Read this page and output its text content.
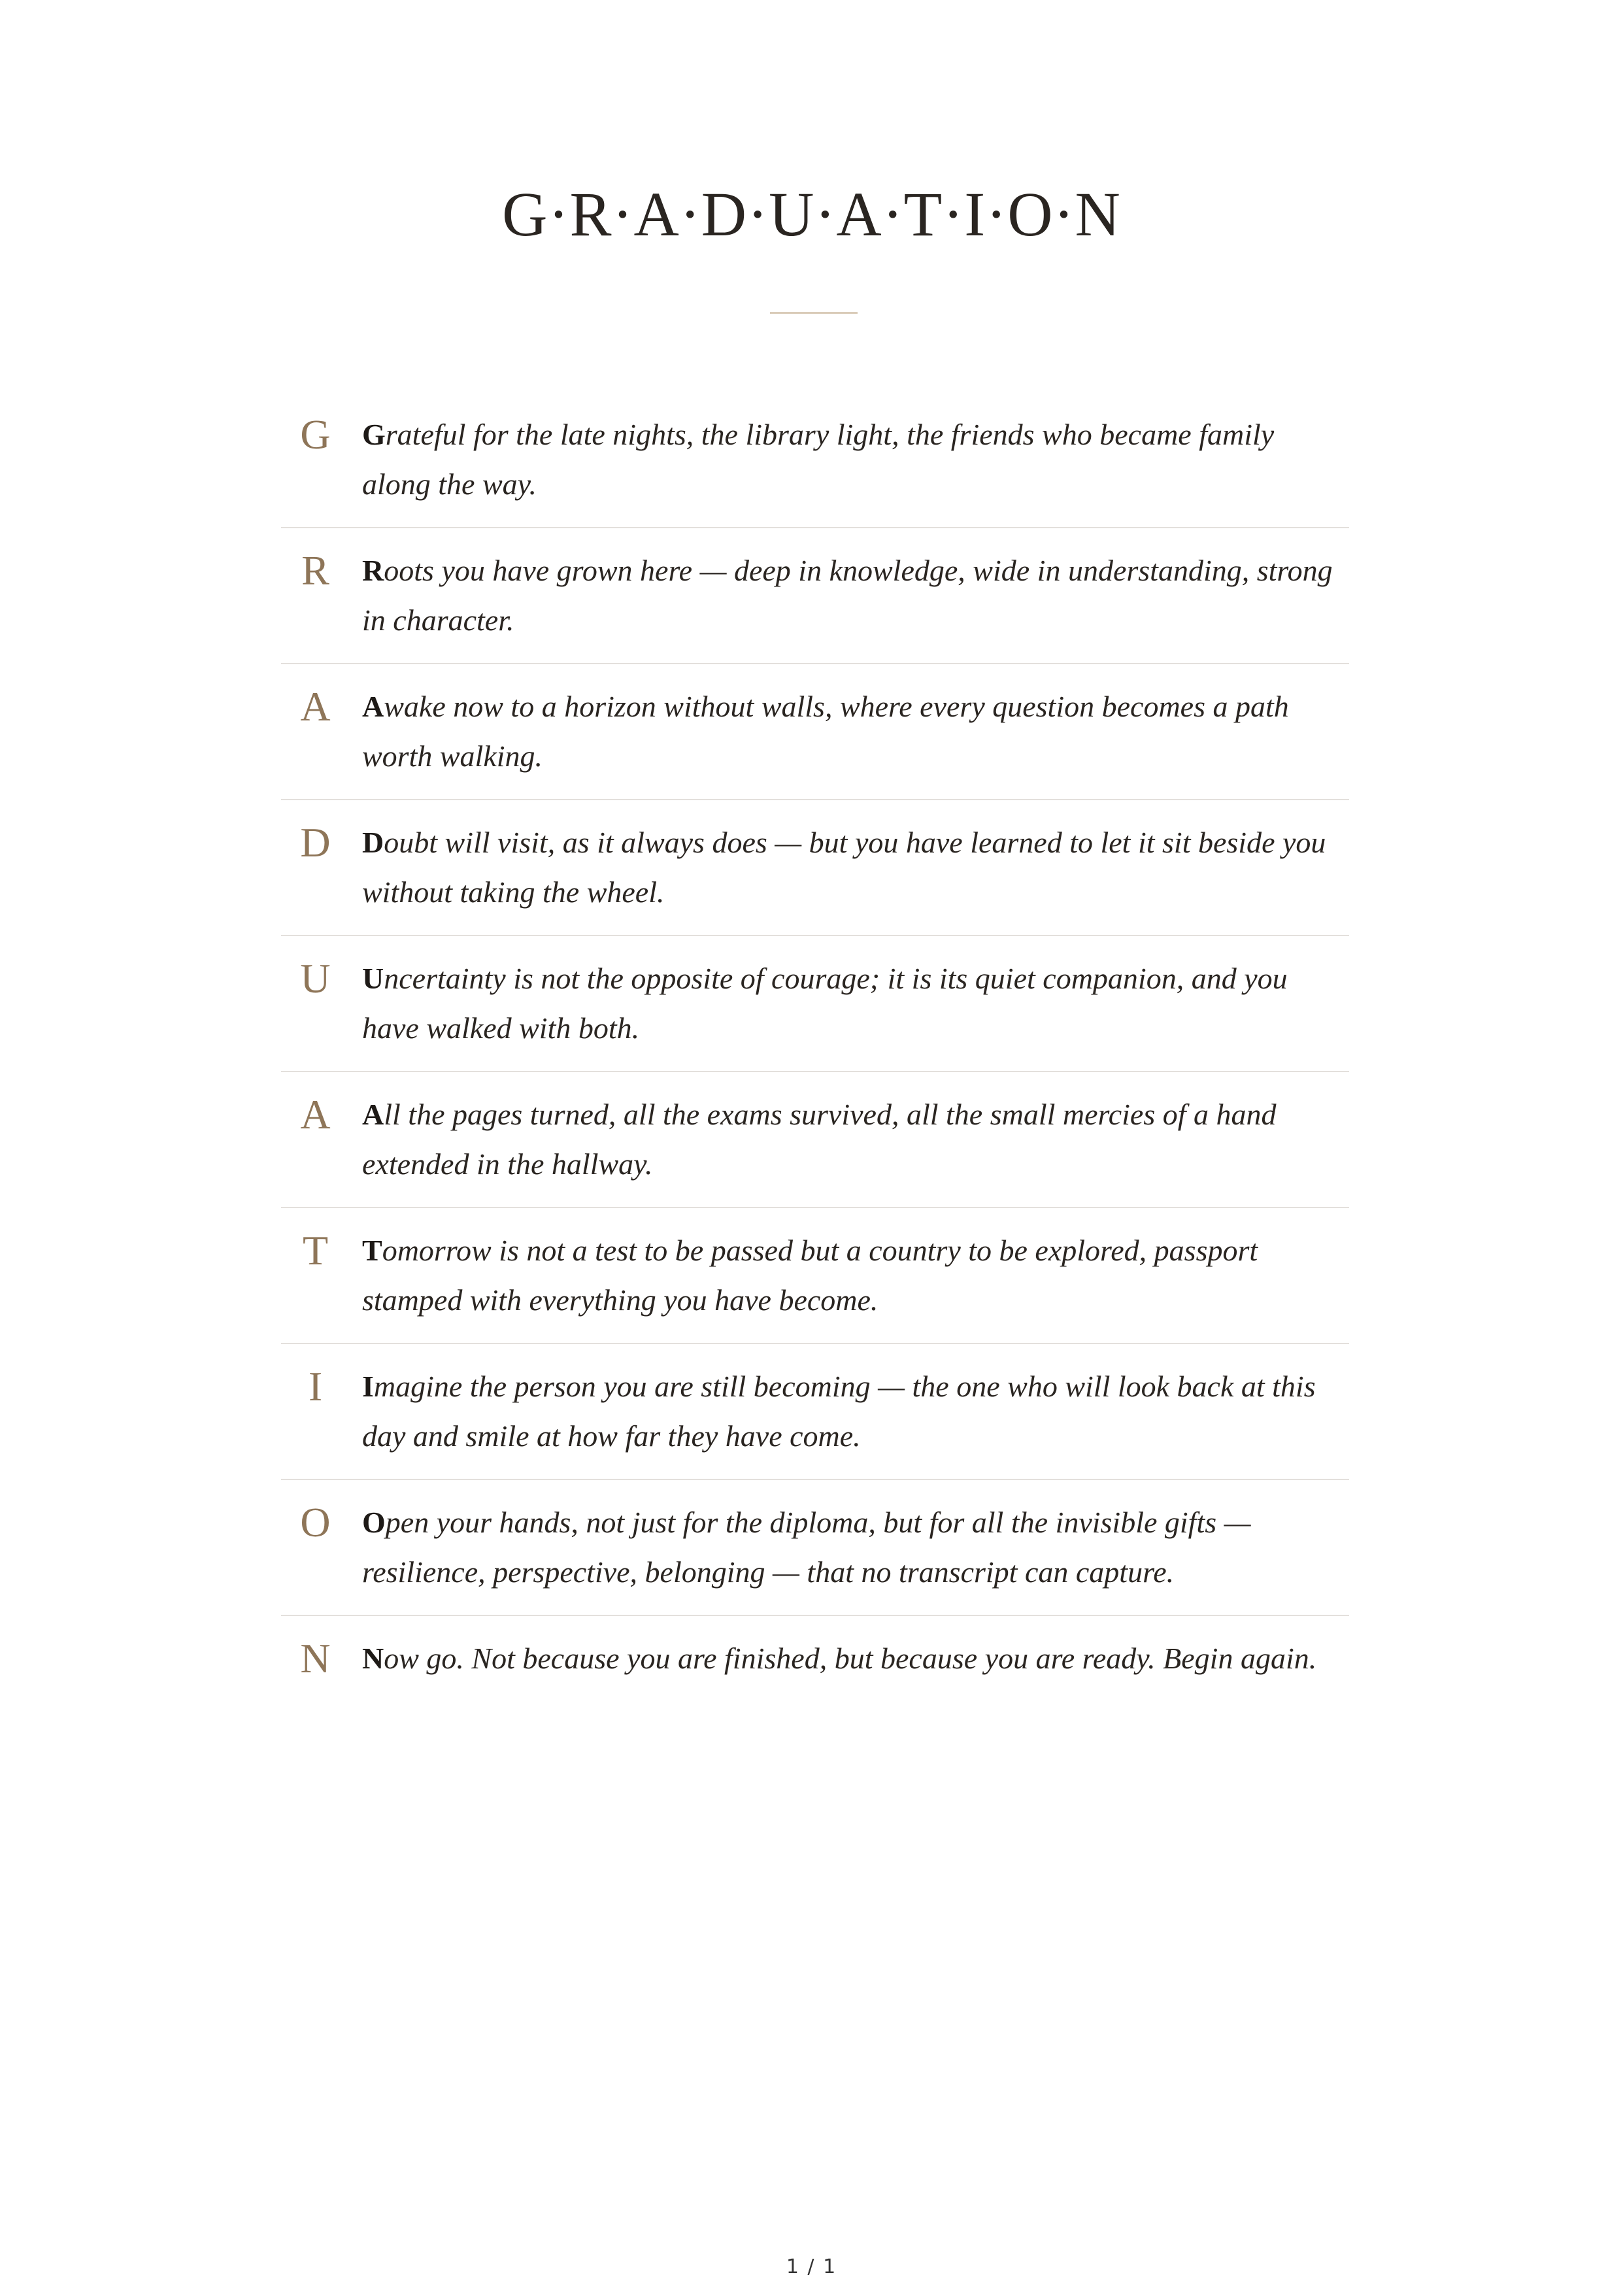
G·R·A·D·U·A·T·I·O·N
G	Grateful for the late nights, the library light, the friends who became family along the way.
R	Roots you have grown here — deep in knowledge, wide in understanding, strong in character.
A	Awake now to a horizon without walls, where every question becomes a path worth walking.
D	Doubt will visit, as it always does — but you have learned to let it sit beside you without taking the wheel.
U	Uncertainty is not the opposite of courage; it is its quiet companion, and you have walked with both.
A	All the pages turned, all the exams survived, all the small mercies of a hand extended in the hallway.
T	Tomorrow is not a test to be passed but a country to be explored, passport stamped with everything you have become.
I	Imagine the person you are still becoming — the one who will look back at this day and smile at how far they have come.
O	Open your hands, not just for the diploma, but for all the invisible gifts — resilience, perspective, belonging — that no transcript can capture.
N	Now go. Not because you are finished, but because you are ready. Begin again.
1 / 1
